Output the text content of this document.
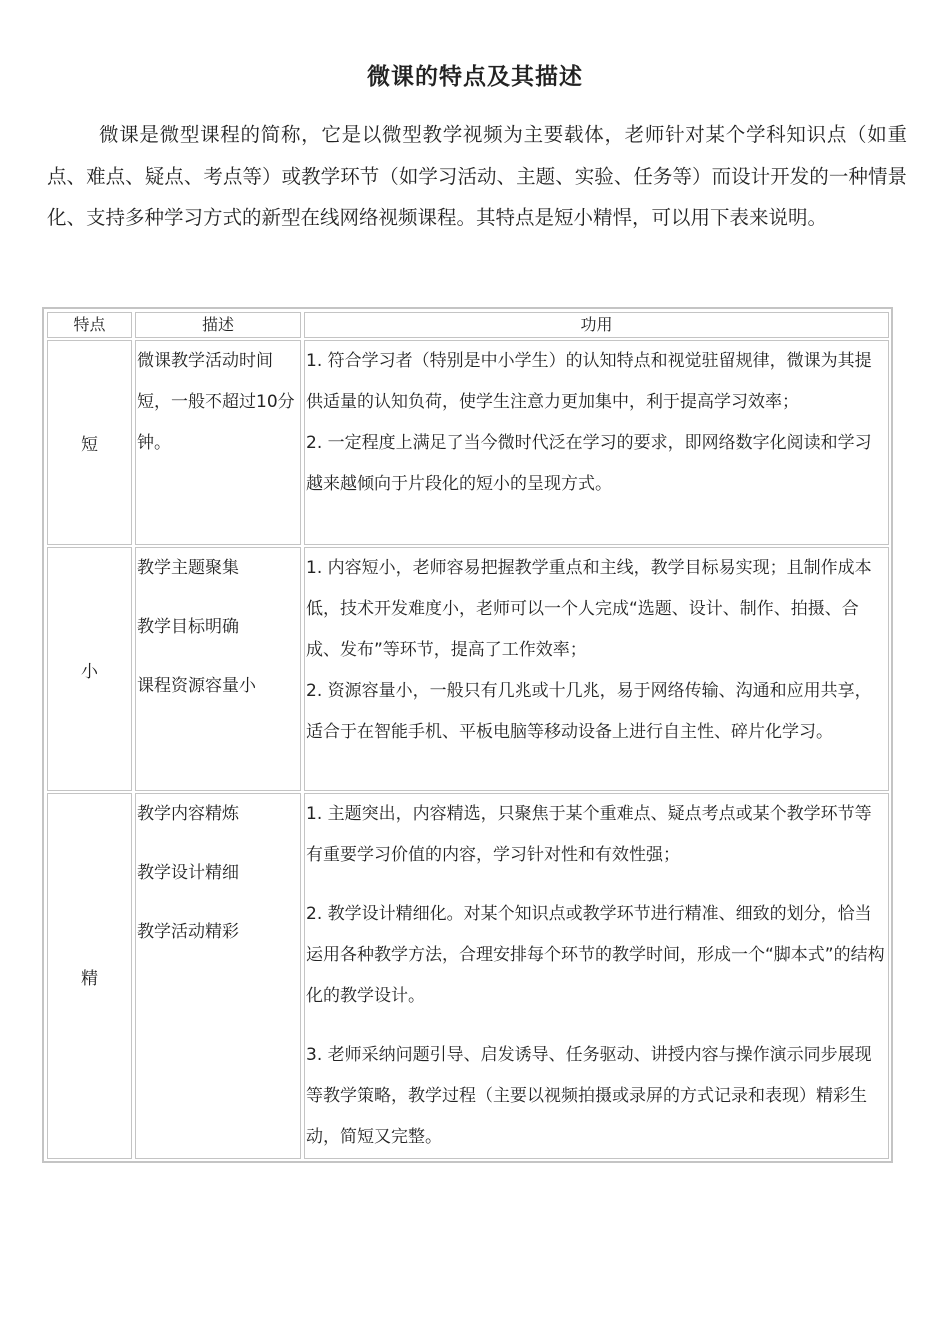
微课的特点及其描述

微课是微型课程的简称，它是以微型教学视频为主要载体，老师针对某个学科知识点（如重点、难点、疑点、考点等）或教学环节（如学习活动、主题、实验、任务等）而设计开发的一种情景化、支持多种学习方式的新型在线网络视频课程。其特点是短小精悍，可以用下表来说明。

特点	描述	功用
短

微课教学活动时间短，一般不超过10分钟。

1. 符合学习者（特别是中小学生）的认知特点和视觉驻留规律，微课为其提供适量的认知负荷，使学生注意力更加集中，利于提高学习效率；

2. 一定程度上满足了当今微时代泛在学习的要求，即网络数字化阅读和学习越来越倾向于片段化的短小的呈现方式。

小

教学主题聚集

教学目标明确

课程资源容量小

1. 内容短小，老师容易把握教学重点和主线，教学目标易实现；且制作成本低，技术开发难度小，老师可以一个人完成“选题、设计、制作、拍摄、合成、发布”等环节，提高了工作效率；

2. 资源容量小，一般只有几兆或十几兆，易于网络传输、沟通和应用共享，适合于在智能手机、平板电脑等移动设备上进行自主性、碎片化学习。

精

教学内容精炼

教学设计精细

教学活动精彩

1. 主题突出，内容精选，只聚焦于某个重难点、疑点考点或某个教学环节等有重要学习价值的内容，学习针对性和有效性强；

2. 教学设计精细化。对某个知识点或教学环节进行精准、细致的划分，恰当运用各种教学方法，合理安排每个环节的教学时间，形成一个“脚本式”的结构化的教学设计。

3. 老师采纳问题引导、启发诱导、任务驱动、讲授内容与操作演示同步展现等教学策略，教学过程（主要以视频拍摄或录屏的方式记录和表现）精彩生动，简短又完整。
